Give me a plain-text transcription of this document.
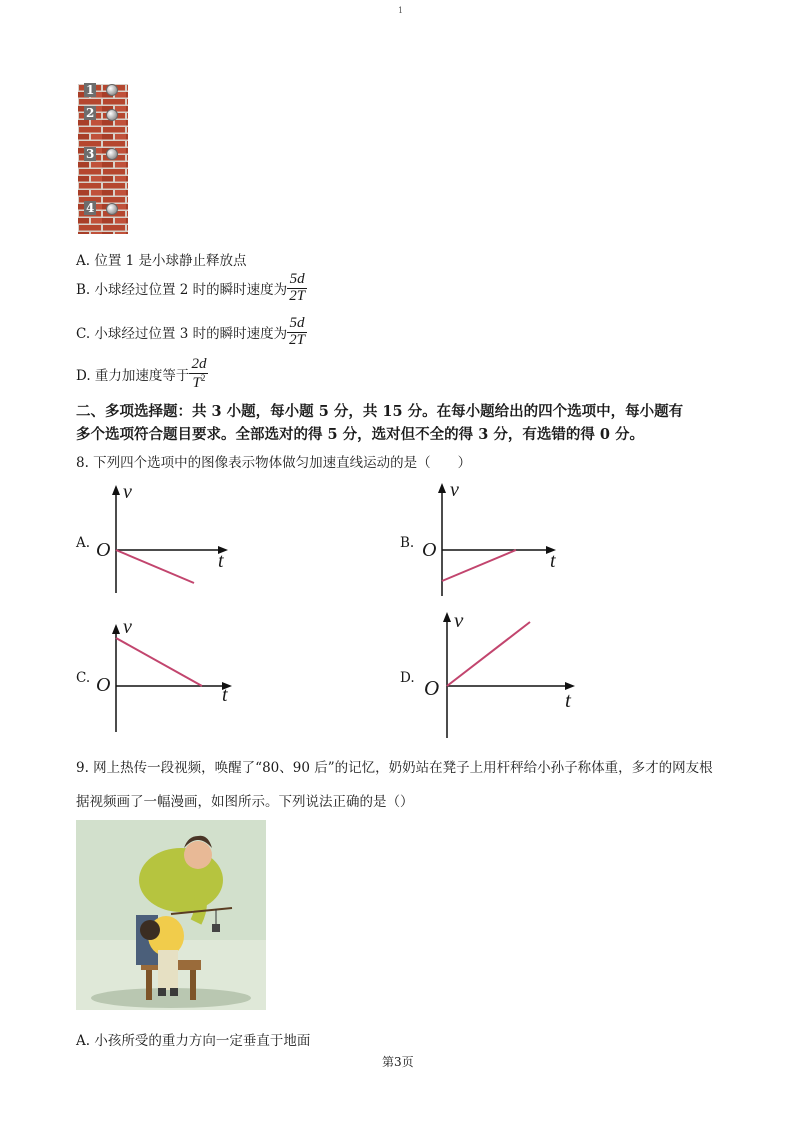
1
1
2
3
4
A. 位置 1 是小球静止释放点
B. 小球经过位置 2 时的瞬时速度为 $\frac{5d}{2T}$
C. 小球经过位置 3 时的瞬时速度为 $\frac{5d}{2T}$
D. 重力加速度等于 $\frac{2d}{T^2}$
二、多项选择题：共 3 小题，每小题 5 分，共 15 分。在每小题给出的四个选项中，每小题有
多个选项符合题目要求。全部选对的得 5 分，选对但不全的得 3 分，有选错的得 0 分。
8. 下列四个选项中的图像表示物体做匀加速直线运动的是（　　）
A.
v
O	t
B.
v
O	t
C.
v
O	t
D.
v
O	t
9. 网上热传一段视频，唤醒了“80、90 后”的记忆，奶奶站在凳子上用杆秤给小孙子称体重，多才的网友根
据视频画了一幅漫画，如图所示。下列说法正确的是（）
A. 小孩所受的重力方向一定垂直于地面
第3页
